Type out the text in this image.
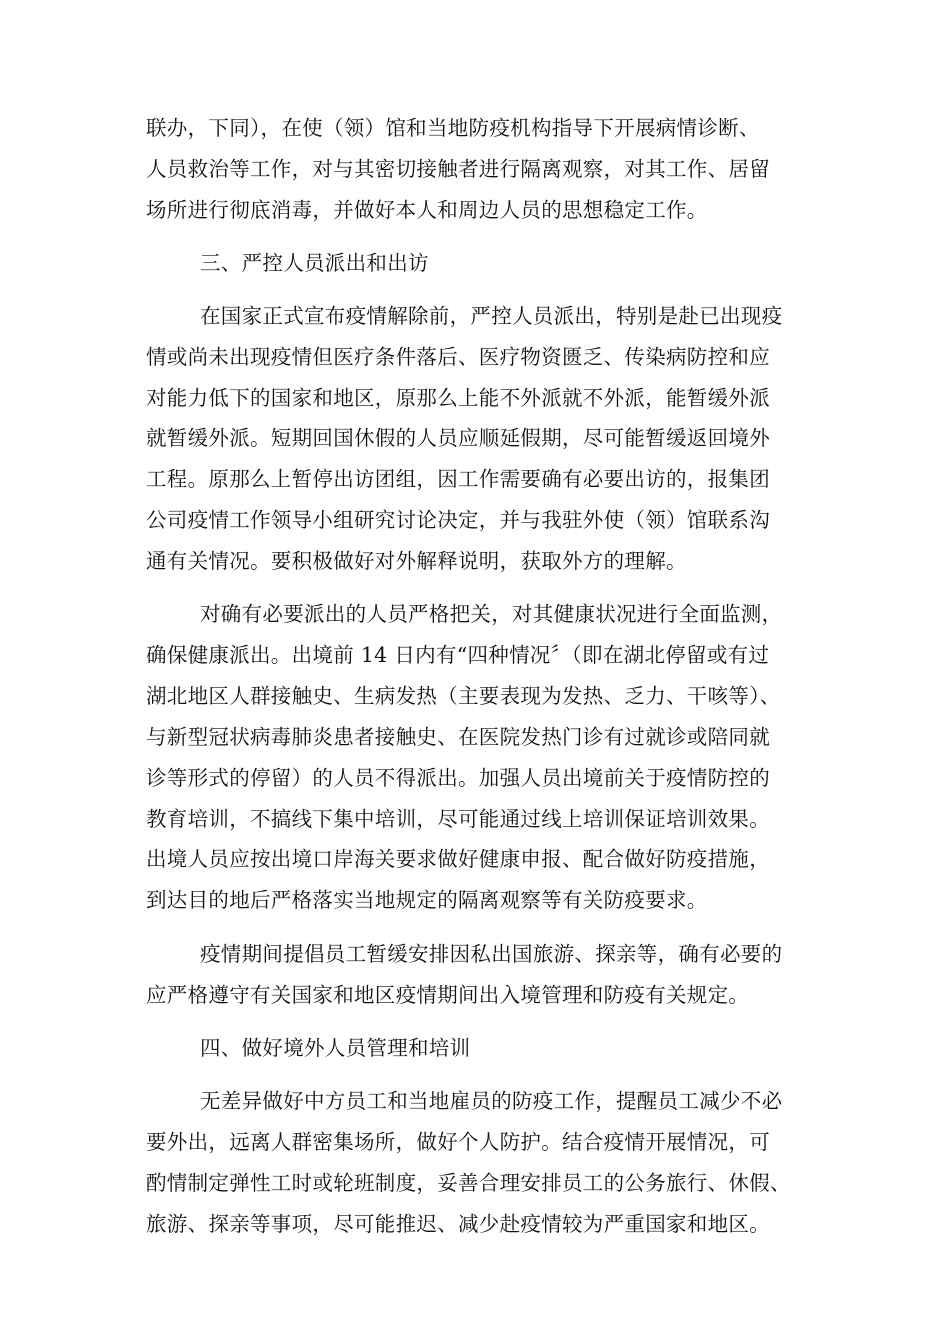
联办，下同），在使（领）馆和当地防疫机构指导下开展病情诊断、

人员救治等工作，对与其密切接触者进行隔离观察，对其工作、居留

场所进行彻底消毒，并做好本人和周边人员的思想稳定工作。

三、严控人员派出和出访

在国家正式宣布疫情解除前，严控人员派出，特别是赴已出现疫

情或尚未出现疫情但医疗条件落后、医疗物资匮乏、传染病防控和应

对能力低下的国家和地区，原那么上能不外派就不外派，能暂缓外派

就暂缓外派。短期回国休假的人员应顺延假期，尽可能暂缓返回境外

工程。原那么上暂停出访团组，因工作需要确有必要出访的，报集团

公司疫情工作领导小组研究讨论决定，并与我驻外使（领）馆联系沟

通有关情况。要积极做好对外解释说明，获取外方的理解。

对确有必要派出的人员严格把关，对其健康状况进行全面监测，

确保健康派出。出境前 14 日内有“四种情况〞（即在湖北停留或有过

湖北地区人群接触史、生病发热（主要表现为发热、乏力、干咳等）、

与新型冠状病毒肺炎患者接触史、在医院发热门诊有过就诊或陪同就

诊等形式的停留）的人员不得派出。加强人员出境前关于疫情防控的

教育培训，不搞线下集中培训，尽可能通过线上培训保证培训效果。

出境人员应按出境口岸海关要求做好健康申报、配合做好防疫措施，

到达目的地后严格落实当地规定的隔离观察等有关防疫要求。

疫情期间提倡员工暂缓安排因私出国旅游、探亲等，确有必要的

应严格遵守有关国家和地区疫情期间出入境管理和防疫有关规定。

四、做好境外人员管理和培训

无差异做好中方员工和当地雇员的防疫工作，提醒员工减少不必

要外出，远离人群密集场所，做好个人防护。结合疫情开展情况，可

酌情制定弹性工时或轮班制度，妥善合理安排员工的公务旅行、休假、

旅游、探亲等事项，尽可能推迟、减少赴疫情较为严重国家和地区。
